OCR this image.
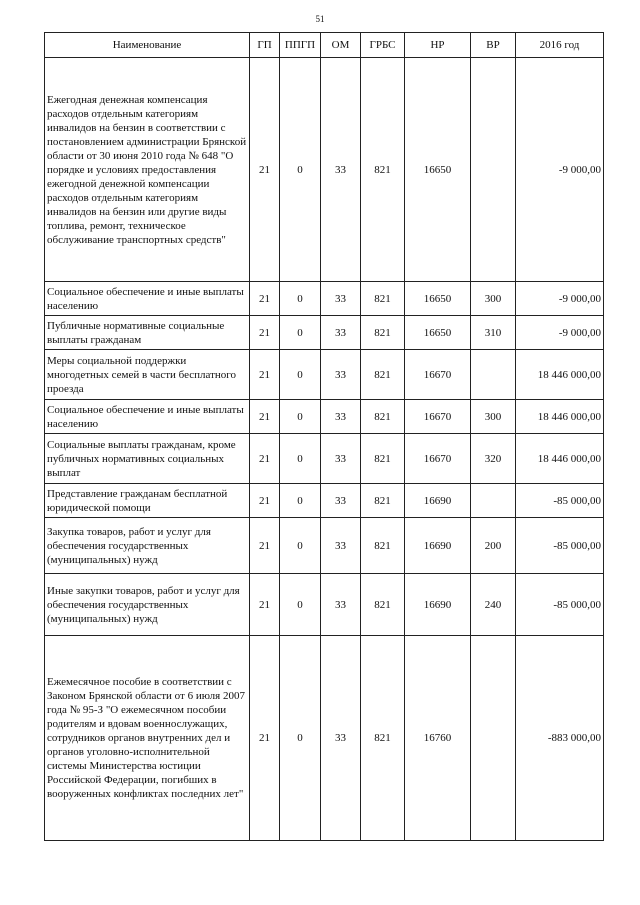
51
Наименование	ГП	ППГП	ОМ	ГРБС	НР	ВР	2016 год
Ежегодная денежная компенсация расходов отдельным категориям инвалидов на бензин в соответствии с постановлением администрации Брянской области от 30 июня 2010 года № 648 "О порядке и условиях предоставления ежегодной денежной компенсации расходов отдельным категориям инвалидов на бензин или другие виды топлива, ремонт, техническое обслуживание транспортных средств"	21	0	33	821	16650		-9 000,00
Социальное обеспечение и иные выплаты населению	21	0	33	821	16650	300	-9 000,00
Публичные нормативные социальные выплаты гражданам	21	0	33	821	16650	310	-9 000,00
Меры социальной поддержки многодетных семей в части бесплатного проезда	21	0	33	821	16670		18 446 000,00
Социальное обеспечение и иные выплаты населению	21	0	33	821	16670	300	18 446 000,00
Социальные выплаты гражданам, кроме публичных нормативных социальных выплат	21	0	33	821	16670	320	18 446 000,00
Представление гражданам бесплатной юридической помощи	21	0	33	821	16690		-85 000,00
Закупка товаров, работ и услуг для обеспечения государственных (муниципальных) нужд	21	0	33	821	16690	200	-85 000,00
Иные закупки товаров, работ и услуг для обеспечения государственных (муниципальных) нужд	21	0	33	821	16690	240	-85 000,00
Ежемесячное пособие в соответствии с Законом Брянской области от 6 июля 2007 года № 95-З "О ежемесячном пособии родителям и вдовам военнослужащих, сотрудников органов внутренних дел и органов уголовно-исполнительной системы Министерства юстиции Российской Федерации, погибших в вооруженных конфликтах последних лет"	21	0	33	821	16760		-883 000,00
